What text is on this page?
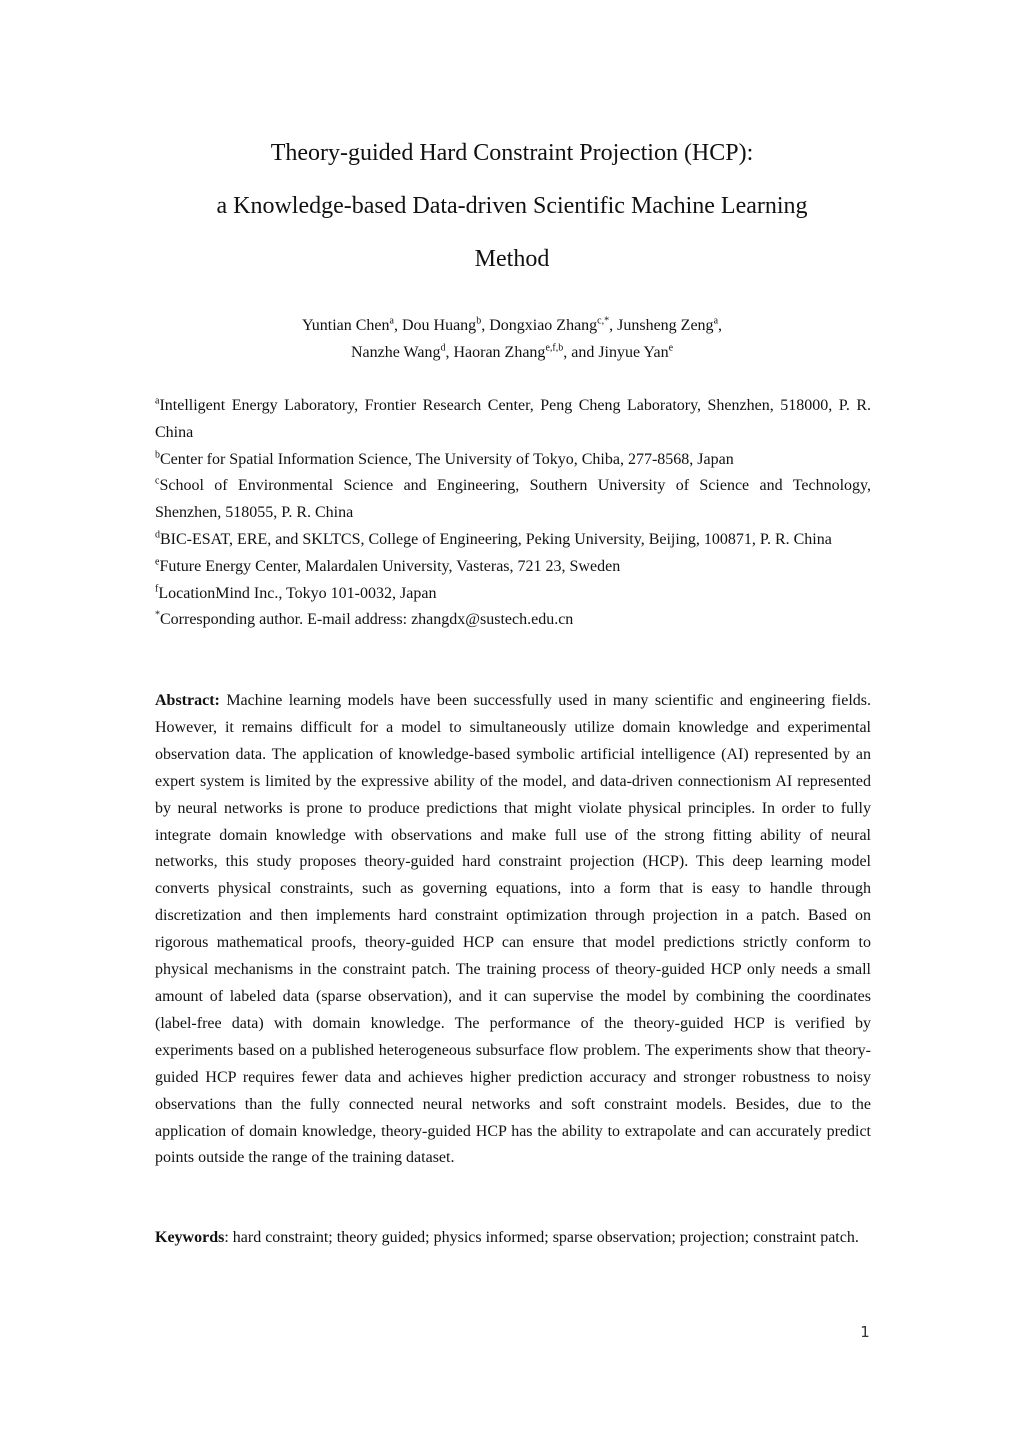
Theory-guided Hard Constraint Projection (HCP):
a Knowledge-based Data-driven Scientific Machine Learning
Method
Yuntian Chen$^a$, Dou Huang$^b$, Dongxiao Zhang$^{c,*}$, Junsheng Zeng$^a$,
Nanzhe Wang$^d$, Haoran Zhang$^{e,f,b}$, and Jinyue Yan$^e$

$^a$Intelligent Energy Laboratory, Frontier Research Center, Peng Cheng Laboratory, Shenzhen, 518000, P. R. China

$^b$Center for Spatial Information Science, The University of Tokyo, Chiba, 277-8568, Japan

$^c$School of Environmental Science and Engineering, Southern University of Science and Technology, Shenzhen, 518055, P. R. China

$^d$BIC-ESAT, ERE, and SKLTCS, College of Engineering, Peking University, Beijing, 100871, P. R. China

$^e$Future Energy Center, Malardalen University, Vasteras, 721 23, Sweden

$^f$LocationMind Inc., Tokyo 101-0032, Japan

*Corresponding author. E-mail address: zhangdx@sustech.edu.cn

Abstract: Machine learning models have been successfully used in many scientific and engineering fields. However, it remains difficult for a model to simultaneously utilize domain knowledge and experimental observation data. The application of knowledge-based symbolic artificial intelligence (AI) represented by an expert system is limited by the expressive ability of the model, and data-driven connectionism AI represented by neural networks is prone to produce predictions that might violate physical principles. In order to fully integrate domain knowledge with observations and make full use of the strong fitting ability of neural networks, this study proposes theory-guided hard constraint projection (HCP). This deep learning model converts physical constraints, such as governing equations, into a form that is easy to handle through discretization and then implements hard constraint optimization through projection in a patch. Based on rigorous mathematical proofs, theory-guided HCP can ensure that model predictions strictly conform to physical mechanisms in the constraint patch. The training process of theory-guided HCP only needs a small amount of labeled data (sparse observation), and it can supervise the model by combining the coordinates (label-free data) with domain knowledge. The performance of the theory-guided HCP is verified by experiments based on a published heterogeneous subsurface flow problem. The experiments show that theory-guided HCP requires fewer data and achieves higher prediction accuracy and stronger robustness to noisy observations than the fully connected neural networks and soft constraint models. Besides, due to the application of domain knowledge, theory-guided HCP has the ability to extrapolate and can accurately predict points outside the range of the training dataset.

Keywords: hard constraint; theory guided; physics informed; sparse observation; projection; constraint patch.

1
